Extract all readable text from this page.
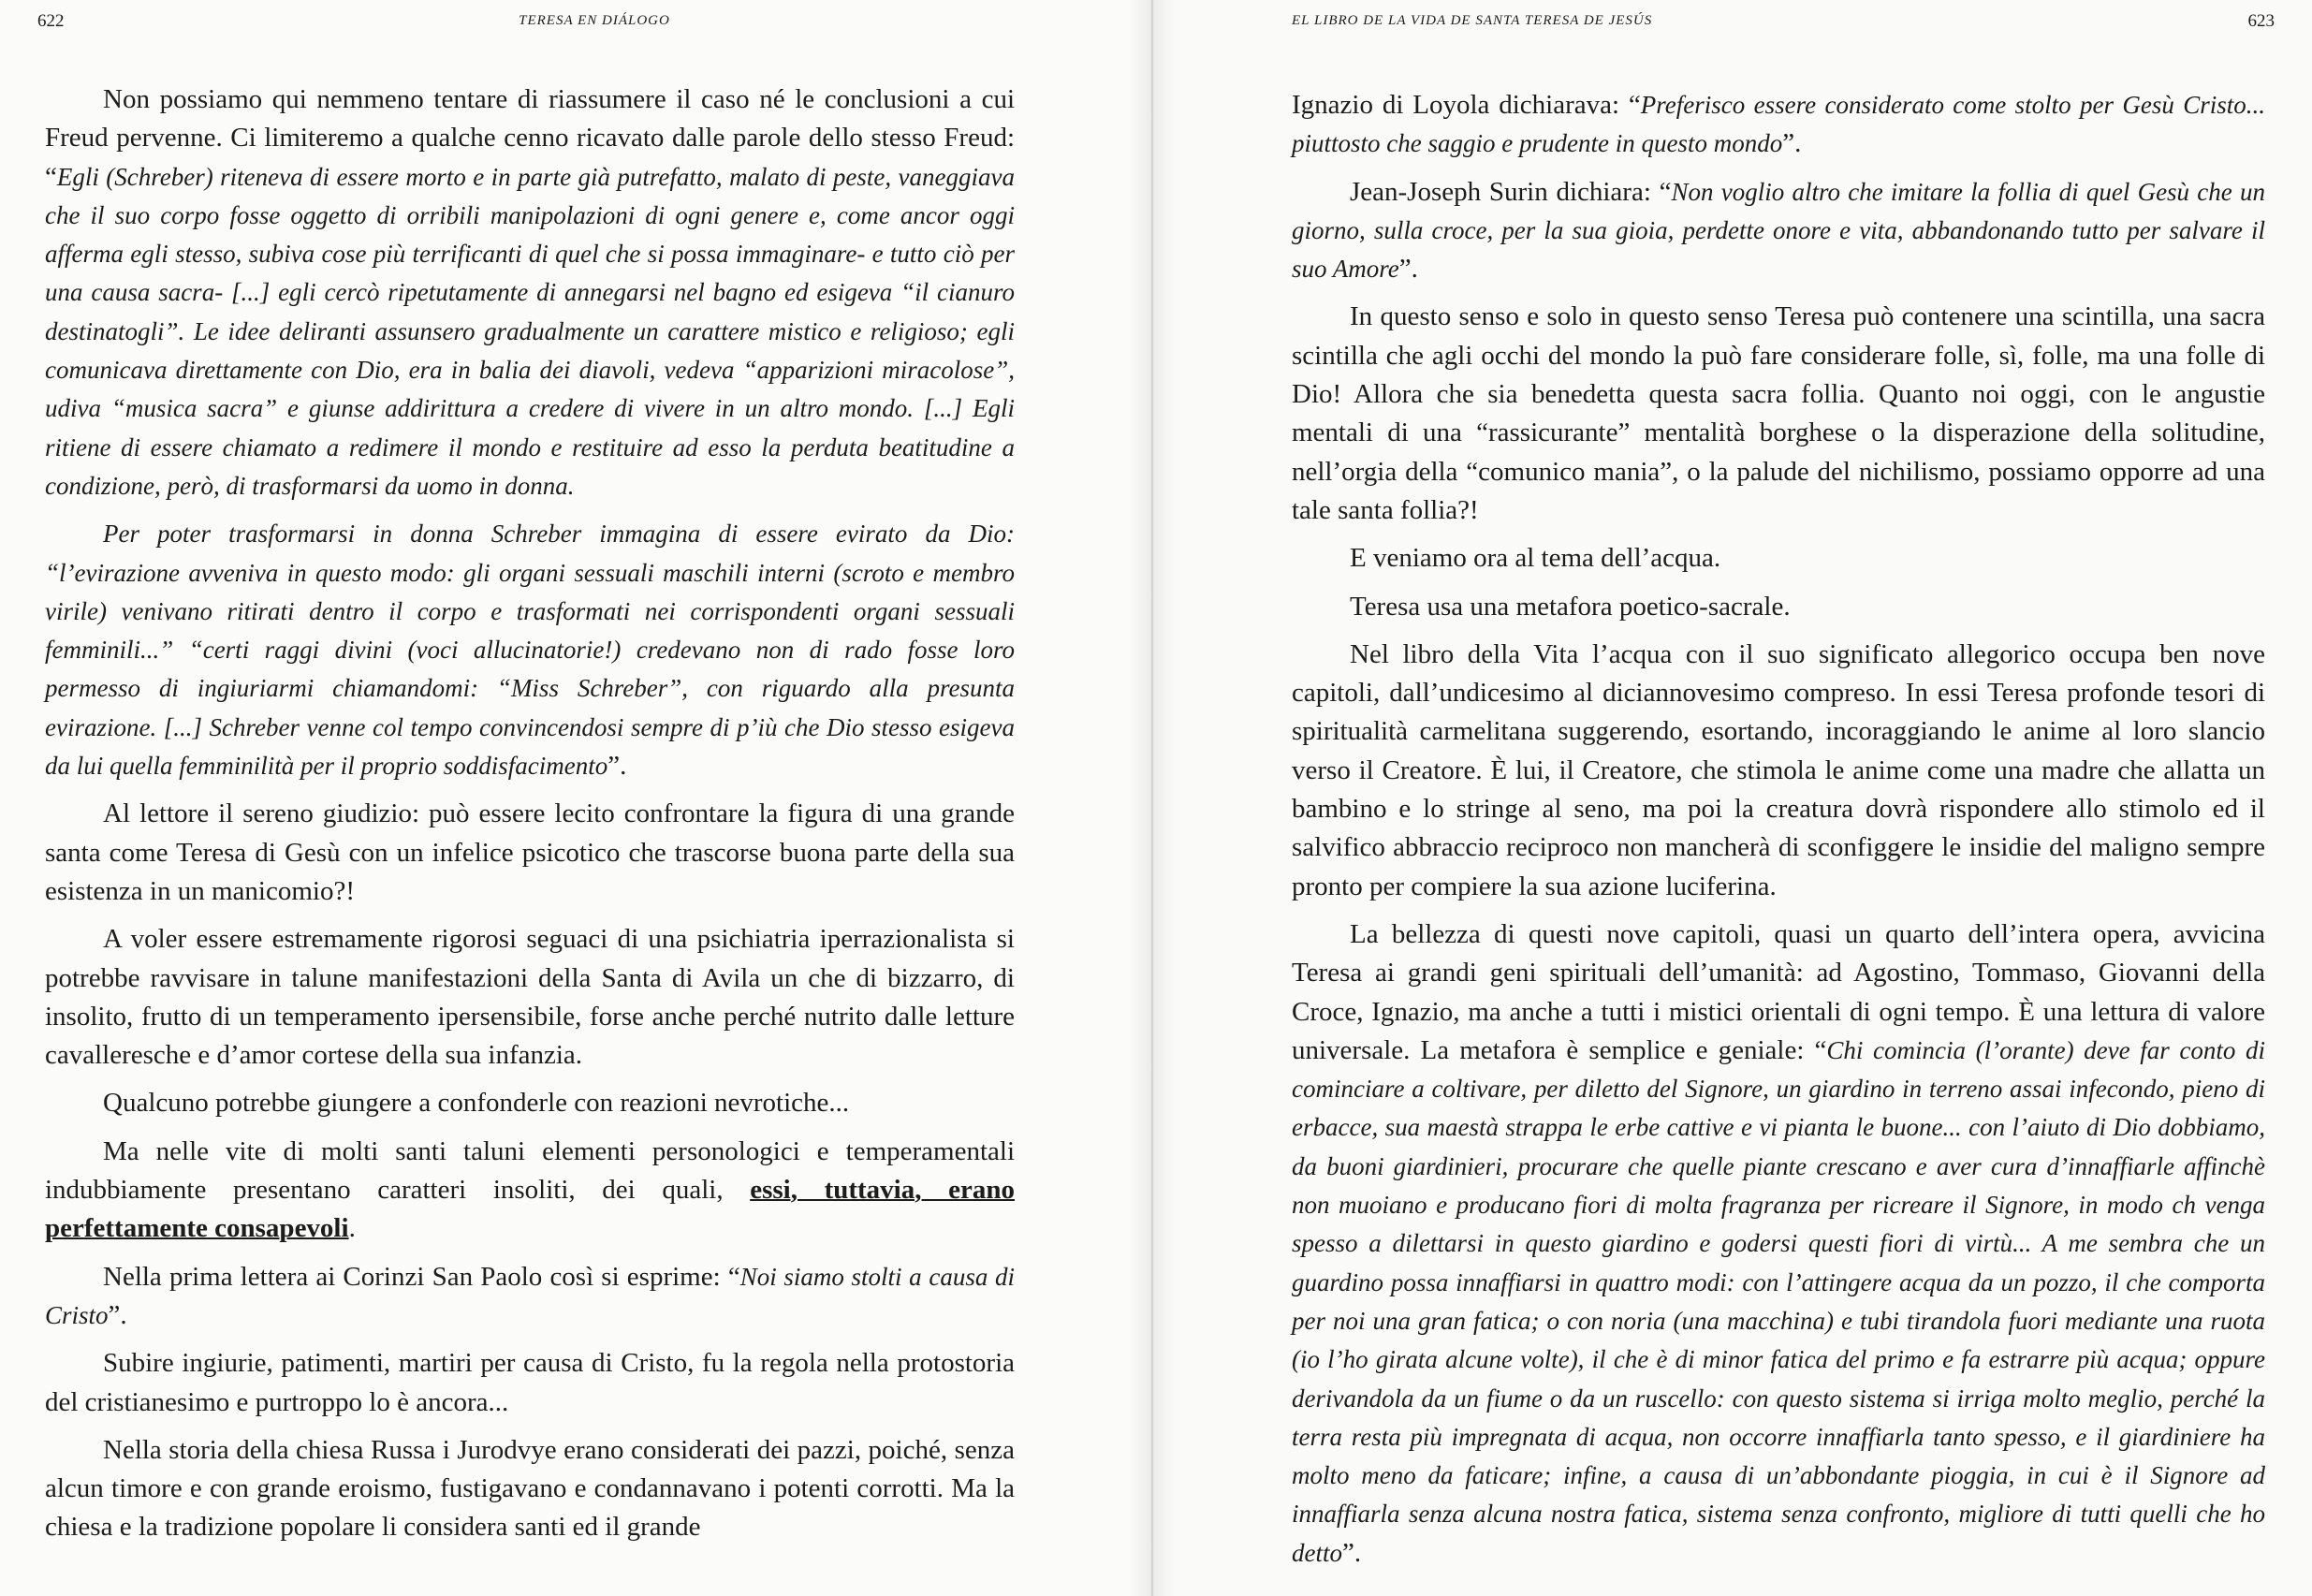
622	TERESA EN DIÁLOGO

Non possiamo qui nemmeno tentare di riassumere il caso né le conclusioni a cui Freud pervenne. Ci limiteremo a qualche cenno ricavato dalle parole dello stesso Freud: “Egli (Schreber) riteneva di essere morto e in parte già putrefatto, malato di peste, vaneggiava che il suo corpo fosse oggetto di orribili manipolazioni di ogni genere e, come ancor oggi afferma egli stesso, subiva cose più terrificanti di quel che si possa immaginare- e tutto ciò per una causa sacra- [...] egli cercò ripetutamente di annegarsi nel bagno ed esigeva “il cianuro destinatogli”. Le idee deliranti assunsero gradualmente un carattere mistico e religioso; egli comunicava direttamente con Dio, era in balia dei diavoli, vedeva “apparizioni miracolose”, udiva “musica sacra” e giunse addirittura a credere di vivere in un altro mondo. [...] Egli ritiene di essere chiamato a redimere il mondo e restituire ad esso la perduta beatitudine a condizione, però, di trasformarsi da uomo in donna.

Per poter trasformarsi in donna Schreber immagina di essere evirato da Dio: “l’evirazione avveniva in questo modo: gli organi sessuali maschili interni (scroto e membro virile) venivano ritirati dentro il corpo e trasformati nei corrispondenti organi sessuali femminili...” “certi raggi divini (voci allucinatorie!) credevano non di rado fosse loro permesso di ingiuriarmi chiamandomi: “Miss Schreber”, con riguardo alla presunta evirazione. [...] Schreber venne col tempo convincendosi sempre di p’iù che Dio stesso esigeva da lui quella femminilità per il proprio soddisfacimento”.

Al lettore il sereno giudizio: può essere lecito confrontare la figura di una grande santa come Teresa di Gesù con un infelice psicotico che trascorse buona parte della sua esistenza in un manicomio?!

A voler essere estremamente rigorosi seguaci di una psichiatria iperrazionalista si potrebbe ravvisare in talune manifestazioni della Santa di Avila un che di bizzarro, di insolito, frutto di un temperamento ipersensibile, forse anche perché nutrito dalle letture cavalleresche e d’amor cortese della sua infanzia.

Qualcuno potrebbe giungere a confonderle con reazioni nevrotiche...

Ma nelle vite di molti santi taluni elementi personologici e temperamentali indubbiamente presentano caratteri insoliti, dei quali, essi, tuttavia, erano perfettamente consapevoli.

Nella prima lettera ai Corinzi San Paolo così si esprime: “Noi siamo stolti a causa di Cristo”.

Subire ingiurie, patimenti, martiri per causa di Cristo, fu la regola nella protostoria del cristianesimo e purtroppo lo è ancora...

Nella storia della chiesa Russa i Jurodvye erano considerati dei pazzi, poiché, senza alcun timore e con grande eroismo, fustigavano e condannavano i potenti corrotti. Ma la chiesa e la tradizione popolare li considera santi ed il grande

EL LIBRO DE LA VIDA DE SANTA TERESA DE JESÚS	623

Ignazio di Loyola dichiarava: “Preferisco essere considerato come stolto per Gesù Cristo... piuttosto che saggio e prudente in questo mondo”.

Jean-Joseph Surin dichiara: “Non voglio altro che imitare la follia di quel Gesù che un giorno, sulla croce, per la sua gioia, perdette onore e vita, abbandonando tutto per salvare il suo Amore”.

In questo senso e solo in questo senso Teresa può contenere una scintilla, una sacra scintilla che agli occhi del mondo la può fare considerare folle, sì, folle, ma una folle di Dio! Allora che sia benedetta questa sacra follia. Quanto noi oggi, con le angustie mentali di una “rassicurante” mentalità borghese o la disperazione della solitudine, nell’orgia della “comunico mania”, o la palude del nichilismo, possiamo opporre ad una tale santa follia?!

E veniamo ora al tema dell’acqua.

Teresa usa una metafora poetico-sacrale.

Nel libro della Vita l’acqua con il suo significato allegorico occupa ben nove capitoli, dall’undicesimo al diciannovesimo compreso. In essi Teresa profonde tesori di spiritualità carmelitana suggerendo, esortando, incoraggiando le anime al loro slancio verso il Creatore. È lui, il Creatore, che stimola le anime come una madre che allatta un bambino e lo stringe al seno, ma poi la creatura dovrà rispondere allo stimolo ed il salvifico abbraccio reciproco non mancherà di sconfiggere le insidie del maligno sempre pronto per compiere la sua azione luciferina.

La bellezza di questi nove capitoli, quasi un quarto dell’intera opera, avvicina Teresa ai grandi geni spirituali dell’umanità: ad Agostino, Tommaso, Giovanni della Croce, Ignazio, ma anche a tutti i mistici orientali di ogni tempo. È una lettura di valore universale. La metafora è semplice e geniale: “Chi comincia (l’orante) deve far conto di cominciare a coltivare, per diletto del Signore, un giardino in terreno assai infecondo, pieno di erbacce, sua maestà strappa le erbe cattive e vi pianta le buone... con l’aiuto di Dio dobbiamo, da buoni giardinieri, procurare che quelle piante crescano e aver cura d’innaffiarle affinchè non muoiano e producano fiori di molta fragranza per ricreare il Signore, in modo ch venga spesso a dilettarsi in questo giardino e godersi questi fiori di virtù... A me sembra che un guardino possa innaffiarsi in quattro modi: con l’attingere acqua da un pozzo, il che comporta per noi una gran fatica; o con noria (una macchina) e tubi tirandola fuori mediante una ruota (io l’ho girata alcune volte), il che è di minor fatica del primo e fa estrarre più acqua; oppure derivandola da un fiume o da un ruscello: con questo sistema si irriga molto meglio, perché la terra resta più impregnata di acqua, non occorre innaffiarla tanto spesso, e il giardiniere ha molto meno da faticare; infine, a causa di un’abbondante pioggia, in cui è il Signore ad innaffiarla senza alcuna nostra fatica, sistema senza confronto, migliore di tutti quelli che ho detto”.
